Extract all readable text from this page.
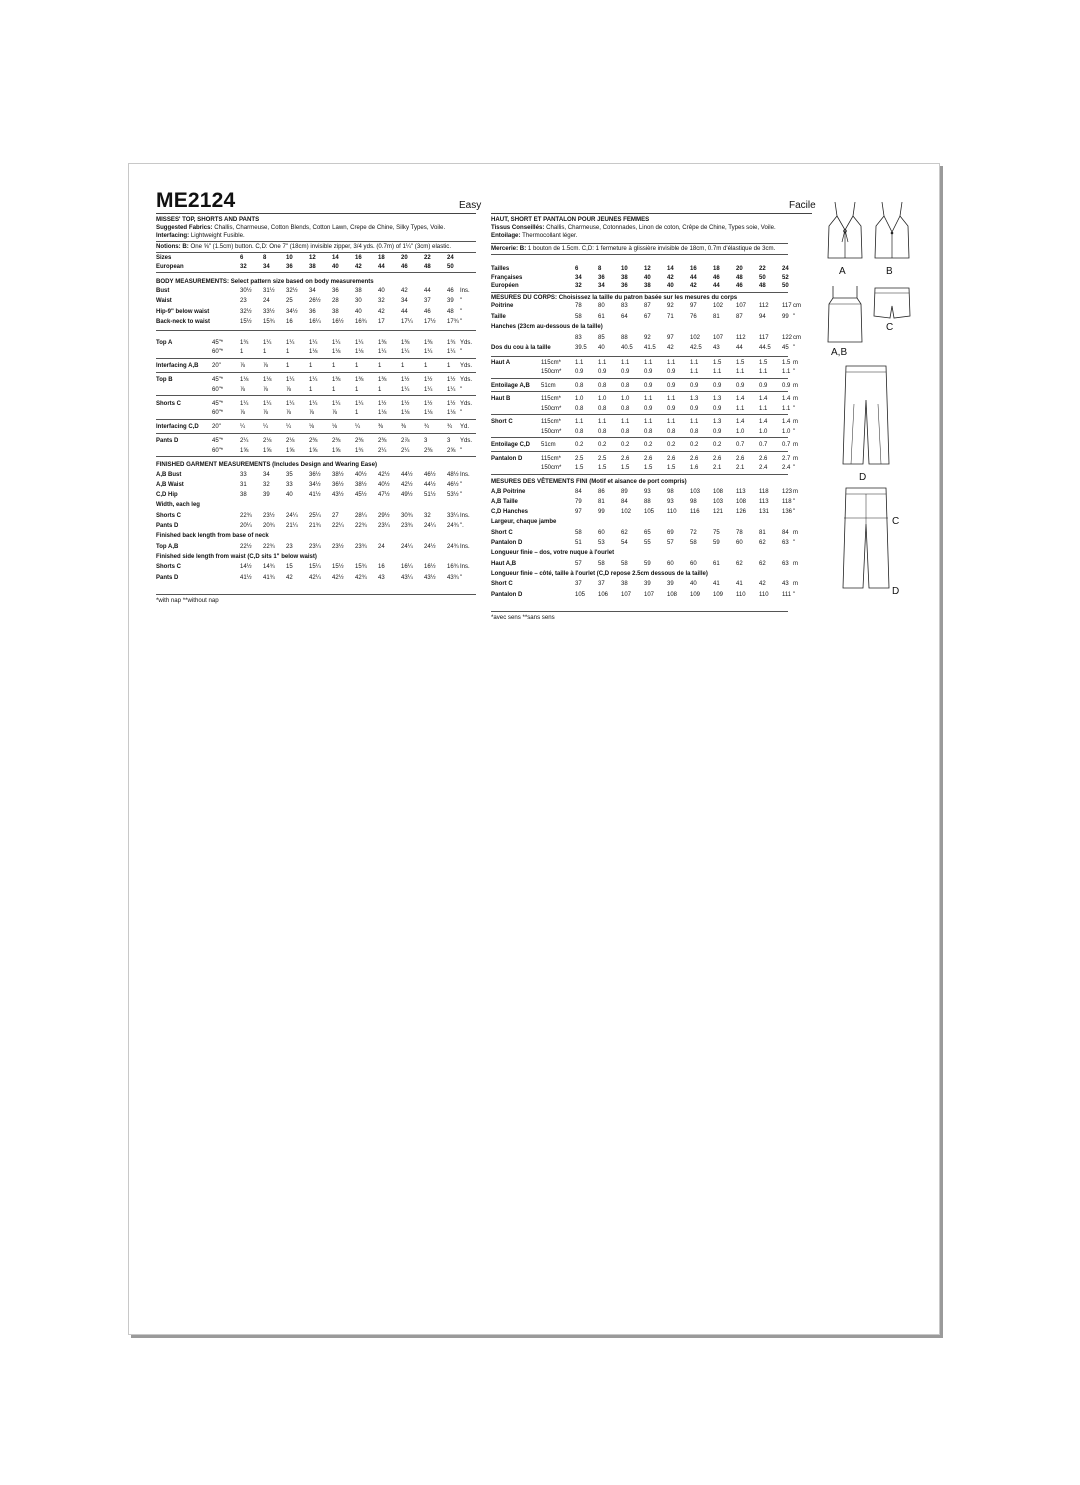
ME2124	Easy	Facile
MISSES' TOP, SHORTS AND PANTS
Suggested Fabrics: Challis, Charmeuse, Cotton Blends, Cotton Lawn, Crepe de Chine, Silky Types, Voile.
Interfacing: Lightweight Fusible.
Notions: B: One ⅝" (1.5cm) button. C,D: One 7" (18cm) invisible zipper, 3/4 yds. (0.7m) of 1¼" (3cm) elastic.
Sizes	6	8	10	12	14	16	18	20	22	24
European	32	34	36	38	40	42	44	46	48	50
BODY MEASUREMENTS: Select pattern size based on body measurements
Bust	30½ 31½ 32½ 34	36	38	40	42	44	46 Ins.
Waist	23	24	25	26½ 28	30	32	34	37	39 "
Hip-9" below waist	32½ 33½ 34½ 36	38	40	42	44	46	48 "
Back-neck to waist	15½ 15¾ 16	16¼ 16½ 16¾ 17	17¼ 17½ 17¾ "
Top A	45"*	1¾ 1¼ 1¼ 1¼ 1¼ 1¼ 1⅜ 1⅜ 1⅜ 1¾ Yds.
60"*	1	1	1	1⅛ 1⅛ 1⅛ 1¼ 1¼ 1¼ 1¼ "
Interfacing A,B 20"	⅞	⅞	1	1	1	1	1	1	1	1 Yds.
Top B	45"*	1⅛ 1⅛ 1¼ 1¼ 1⅜ 1⅜ 1⅜ 1½ 1½ 1½ Yds.
60"*	⅞	⅞	⅞	1	1	1	1	1¼ 1¼ 1¼ "
Shorts C	45"*	1¼ 1¼ 1¼ 1¼ 1¼ 1¼ 1½ 1½ 1½ 1½ Yds.
60"*	⅞	⅞	⅞	⅞	⅞	1	1⅛ 1⅛ 1⅛ 1⅛ "
Interfacing C,D 20"	¼	¼	¼	⅛	⅛	¼	⅜	⅜	¾	¾ Yd.
Pants D	45"*	2¼ 2⅛ 2⅛ 2⅜ 2⅜ 2⅜ 2⅜ 2⅞ 3	3 Yds.
60"*	1⅝ 1⅝ 1⅝ 1⅝ 1⅝ 1¾ 2¼ 2¼ 2⅜ 2⅝ "
FINISHED GARMENT MEASUREMENTS (Includes Design and Wearing Ease)
A,B Bust	33	34	35	36½ 38½ 40½ 42½ 44½ 46½ 48½ Ins.
A,B Waist	31	32	33	34½ 36½ 38½ 40½ 42½ 44½ 46½ "
C,D Hip	38	39	40	41½ 43½ 45½ 47½ 49½ 51½ 53½ "
Width, each leg
Shorts C	22¾ 23½ 24¼ 25¼ 27	28¼ 29½ 30¾ 32	33¼ Ins.
Pants D	20¼ 20¾ 21¼ 21¾ 22¼ 22¾ 23¼ 23¾ 24¼ 24¾ ".
Finished back length from base of neck
Top A,B	22½ 22¾ 23	23¼ 23½ 23¾ 24	24¼ 24½ 24¾ Ins.
Finished side length from waist (C,D sits 1" below waist)
Shorts C	14½ 14¾ 15	15¼ 15½ 15¾ 16	16¼ 16½ 16¾ Ins.
Pants D	41½ 41¾ 42	42¼ 42½ 42¾ 43	43¼ 43½ 43¾ "
*with nap **without nap
HAUT, SHORT ET PANTALON POUR JEUNES FEMMES
Tissus Conseillés: Challis, Charmeuse, Cotonnades, Linon de coton, Crêpe de Chine, Types soie, Voile.
Entoilage: Thermocollant léger.
Mercerie: B: 1 bouton de 1.5cm. C,D: 1 fermeture à glissière invisible de 18cm, 0.7m d'élastique de 3cm.
Tailles	6	8	10	12	14	16	18	20	22	24
Françaises	34	36	38	40	42	44	46	48	50	52
Européen	32	34	36	38	40	42	44	46	48	50
MESURES DU CORPS: Choisissez la taille du patron basée sur les mesures du corps
Poitrine	78	80	83	87	92	97	102 107 112 117 cm
Taille	58	61	64	67	71	76	81	87	94	99 "
Hanches (23cm au-dessous de la taille)
83	85	88	92	97	102 107 112 117 122 cm
Dos du cou à la taille	39.5 40	40.5 41.5 42	42.5 43	44	44.5 45 "
Haut A	115cm* 1.1 1.1 1.1 1.1 1.1 1.1 1.5 1.5 1.5 1.5 m
150cm* 0.9 0.9 0.9 0.9 0.9 1.1 1.1 1.1 1.1 1.1 "
Entoilage A,B 51cm	0.8 0.8 0.8 0.9 0.9 0.9 0.9 0.9 0.9 0.9 m
Haut B	115cm* 1.0 1.0 1.0 1.1 1.1 1.3 1.3 1.4 1.4 1.4 m
150cm* 0.8 0.8 0.8 0.9 0.9 0.9 0.9 1.1 1.1 1.1 "
Short C	115cm* 1.1 1.1 1.1 1.1 1.1 1.1 1.3 1.4 1.4 1.4 m
150cm* 0.8 0.8 0.8 0.8 0.8 0.8 0.9 1.0 1.0 1.0 "
Entoilage C,D 51cm	0.2 0.2 0.2 0.2 0.2 0.2 0.2 0.7 0.7 0.7 m
Pantalon D	115cm* 2.5 2.5 2.6 2.6 2.6 2.6 2.6 2.6 2.6 2.7 m
150cm* 1.5 1.5 1.5 1.5 1.5 1.6 2.1 2.1 2.4 2.4 "
MESURES DES VÊTEMENTS FINI (Motif et aisance de port compris)
A,B Poitrine	84	86	89	93	98	103 108 113 118 123 m
A,B Taille	79	81	84	88	93	98	103 108 113 118 "
C,D Hanches	97	99	102 105 110 116 121 126 131 136 "
Largeur, chaque jambe
Short C	58	60	62	65	69	72	75	78	81	84 m
Pantalon D	51	53	54	55	57	58	59	60	62	63 "
Longueur finie – dos, votre nuque à l'ourlet
Haut A,B	57	58	58	59	60	60	61	62	62	63 m
Longueur finie – côté, taille à l'ourlet (C,D repose 2.5cm dessous de la taille)
Short C	37	37	38	39	39	40	41	41	42	43 m
Pantalon D	105 106 107 107 108 109 109 110 110 111 "
*avec sens **sans sens
A	B
A,B
C
D
C
D
